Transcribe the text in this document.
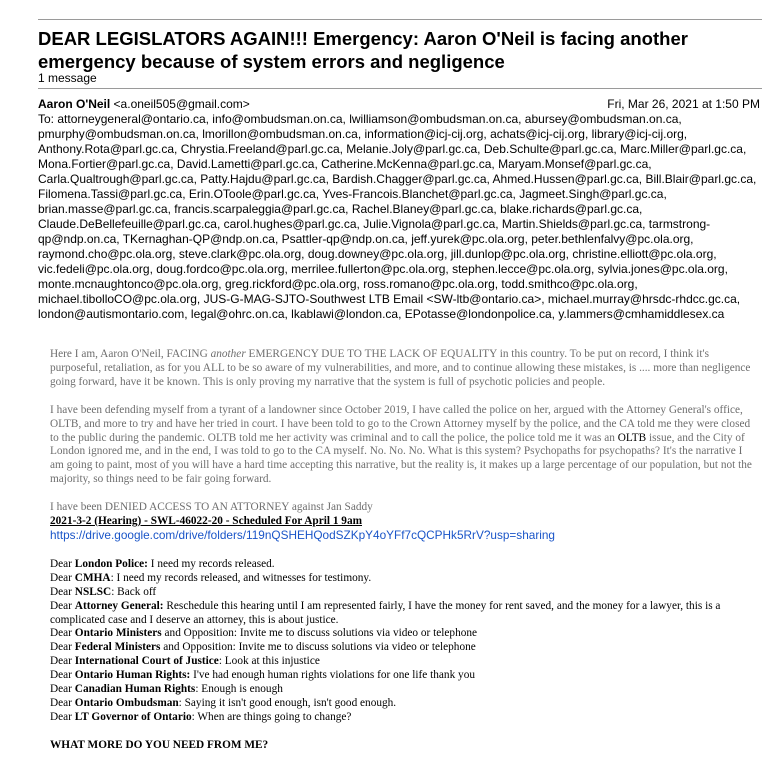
DEAR LEGISLATORS AGAIN!!! Emergency: Aaron O'Neil is facing another emergency because of system errors and negligence
1 message
Aaron O'Neil <a.oneil505@gmail.com>	Fri, Mar 26, 2021 at 1:50 PM
To: attorneygeneral@ontario.ca, info@ombudsman.on.ca, lwilliamson@ombudsman.on.ca, abursey@ombudsman.on.ca, pmurphy@ombudsman.on.ca, lmorillon@ombudsman.on.ca, information@icj-cij.org, achats@icj-cij.org, library@icj-cij.org, Anthony.Rota@parl.gc.ca, Chrystia.Freeland@parl.gc.ca, Melanie.Joly@parl.gc.ca, Deb.Schulte@parl.gc.ca, Marc.Miller@parl.gc.ca, Mona.Fortier@parl.gc.ca, David.Lametti@parl.gc.ca, Catherine.McKenna@parl.gc.ca, Maryam.Monsef@parl.gc.ca, Carla.Qualtrough@parl.gc.ca, Patty.Hajdu@parl.gc.ca, Bardish.Chagger@parl.gc.ca, Ahmed.Hussen@parl.gc.ca, Bill.Blair@parl.gc.ca, Filomena.Tassi@parl.gc.ca, Erin.OToole@parl.gc.ca, Yves-Francois.Blanchet@parl.gc.ca, Jagmeet.Singh@parl.gc.ca, brian.masse@parl.gc.ca, francis.scarpaleggia@parl.gc.ca, Rachel.Blaney@parl.gc.ca, blake.richards@parl.gc.ca, Claude.DeBellefeuille@parl.gc.ca, carol.hughes@parl.gc.ca, Julie.Vignola@parl.gc.ca, Martin.Shields@parl.gc.ca, tarmstrong-qp@ndp.on.ca, TKernaghan-QP@ndp.on.ca, Psattler-qp@ndp.on.ca, jeff.yurek@pc.ola.org, peter.bethlenfalvy@pc.ola.org, raymond.cho@pc.ola.org, steve.clark@pc.ola.org, doug.downey@pc.ola.org, jill.dunlop@pc.ola.org, christine.elliott@pc.ola.org, vic.fedeli@pc.ola.org, doug.fordco@pc.ola.org, merrilee.fullerton@pc.ola.org, stephen.lecce@pc.ola.org, sylvia.jones@pc.ola.org, monte.mcnaughtonco@pc.ola.org, greg.rickford@pc.ola.org, ross.romano@pc.ola.org, todd.smithco@pc.ola.org, michael.tibolloCO@pc.ola.org, JUS-G-MAG-SJTO-Southwest LTB Email <SW-ltb@ontario.ca>, michael.murray@hrsdc-rhdcc.gc.ca, london@autismontario.com, legal@ohrc.on.ca, lkablawi@london.ca, EPotasse@londonpolice.ca, y.lammers@cmhamiddlesex.ca

Here I am, Aaron O'Neil, FACING another EMERGENCY DUE TO THE LACK OF EQUALITY in this country. To be put on record, I think it's purposeful, retaliation, as for you ALL to be so aware of my vulnerabilities, and more, and to continue allowing these mistakes, is .... more than negligence going forward, have it be known. This is only proving my narrative that the system is full of psychotic policies and people.

I have been defending myself from a tyrant of a landowner since October 2019, I have called the police on her, argued with the Attorney General's office, OLTB, and more to try and have her tried in court. I have been told to go to the Crown Attorney myself by the police, and the CA told me they were closed to the public during the pandemic. OLTB told me her activity was criminal and to call the police, the police told me it was an OLTB issue, and the City of London ignored me, and in the end, I was told to go to the CA myself. No. No. No. What is this system? Psychopaths for psychopaths? It's the narrative I am going to paint, most of you will have a hard time accepting this narrative, but the reality is, it makes up a large percentage of our population, but not the majority, so things need to be fair going forward.

I have been DENIED ACCESS TO AN ATTORNEY against Jan Saddy

2021-3-2 (Hearing) - SWL-46022-20 - Scheduled For April 1 9am

https://drive.google.com/drive/folders/119nQSHEHQodSZKpY4oYFf7cQCPHk5RrV?usp=sharing

Dear London Police: I need my records released.
Dear CMHA: I need my records released, and witnesses for testimony.
Dear NSLSC: Back off
Dear Attorney General: Reschedule this hearing until I am represented fairly, I have the money for rent saved, and the money for a lawyer, this is a complicated case and I deserve an attorney, this is about justice.
Dear Ontario Ministers and Opposition: Invite me to discuss solutions via video or telephone
Dear Federal Ministers and Opposition: Invite me to discuss solutions via video or telephone
Dear International Court of Justice: Look at this injustice
Dear Ontario Human Rights: I've had enough human rights violations for one life thank you
Dear Canadian Human Rights: Enough is enough
Dear Ontario Ombudsman: Saying it isn't good enough, isn't good enough.
Dear LT Governor of Ontario: When are things going to change?

WHAT MORE DO YOU NEED FROM ME?
